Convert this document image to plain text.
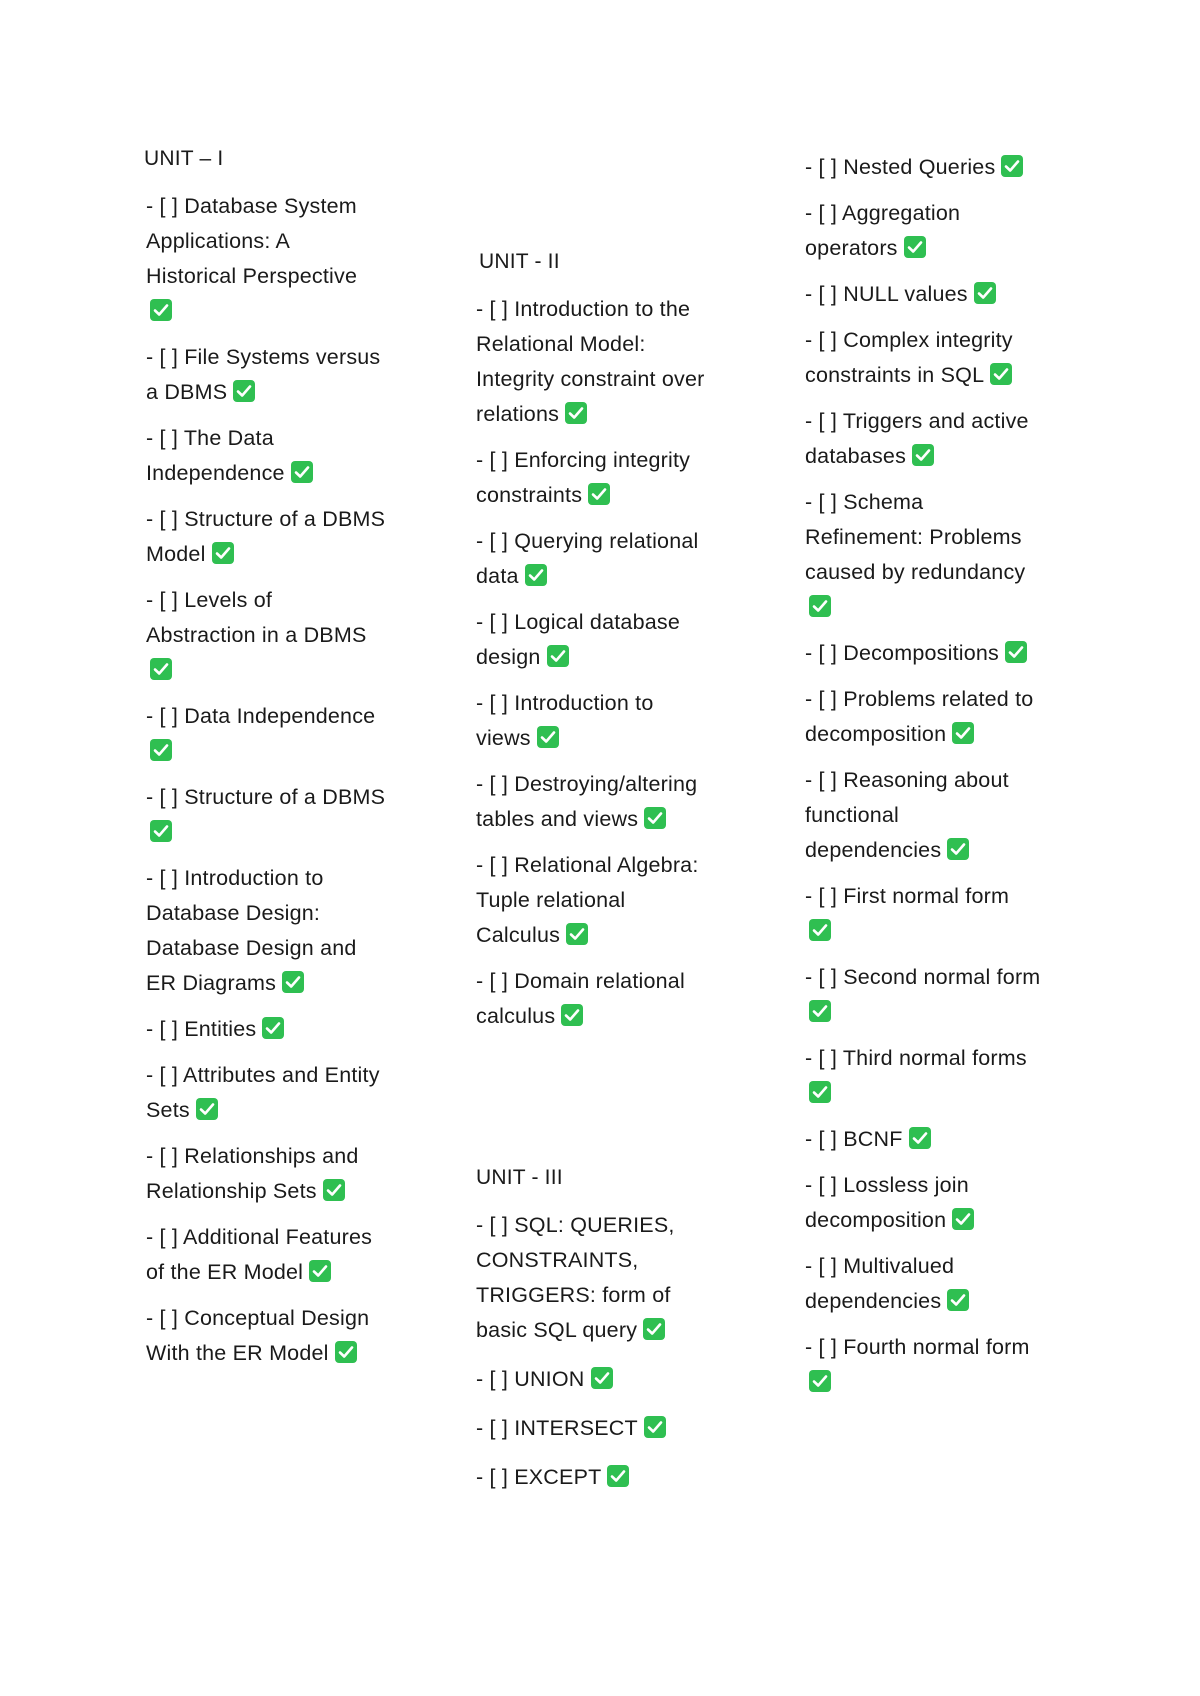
UNIT – I
- [ ] Database System
Applications: A
Historical Perspective
- [ ] File Systems versus
a DBMS
- [ ] The Data
Independence
- [ ] Structure of a DBMS
Model
- [ ] Levels of
Abstraction in a DBMS
- [ ] Data Independence
- [ ] Structure of a DBMS
- [ ] Introduction to
Database Design:
Database Design and
ER Diagrams
- [ ] Entities
- [ ] Attributes and Entity
Sets
- [ ] Relationships and
Relationship Sets
- [ ] Additional Features
of the ER Model
- [ ] Conceptual Design
With the ER Model
UNIT - II
- [ ] Introduction to the
Relational Model:
Integrity constraint over
relations
- [ ] Enforcing integrity
constraints
- [ ] Querying relational
data
- [ ] Logical database
design
- [ ] Introduction to
views
- [ ] Destroying/altering
tables and views
- [ ] Relational Algebra:
Tuple relational
Calculus
- [ ] Domain relational
calculus
UNIT - III
- [ ] SQL: QUERIES,
CONSTRAINTS,
TRIGGERS: form of
basic SQL query
- [ ] UNION
- [ ] INTERSECT
- [ ] EXCEPT
- [ ] Nested Queries
- [ ] Aggregation
operators
- [ ] NULL values
- [ ] Complex integrity
constraints in SQL
- [ ] Triggers and active
databases
- [ ] Schema
Refinement: Problems
caused by redundancy
- [ ] Decompositions
- [ ] Problems related to
decomposition
- [ ] Reasoning about
functional
dependencies
- [ ] First normal form
- [ ] Second normal form
- [ ] Third normal forms
- [ ] BCNF
- [ ] Lossless join
decomposition
- [ ] Multivalued
dependencies
- [ ] Fourth normal form
